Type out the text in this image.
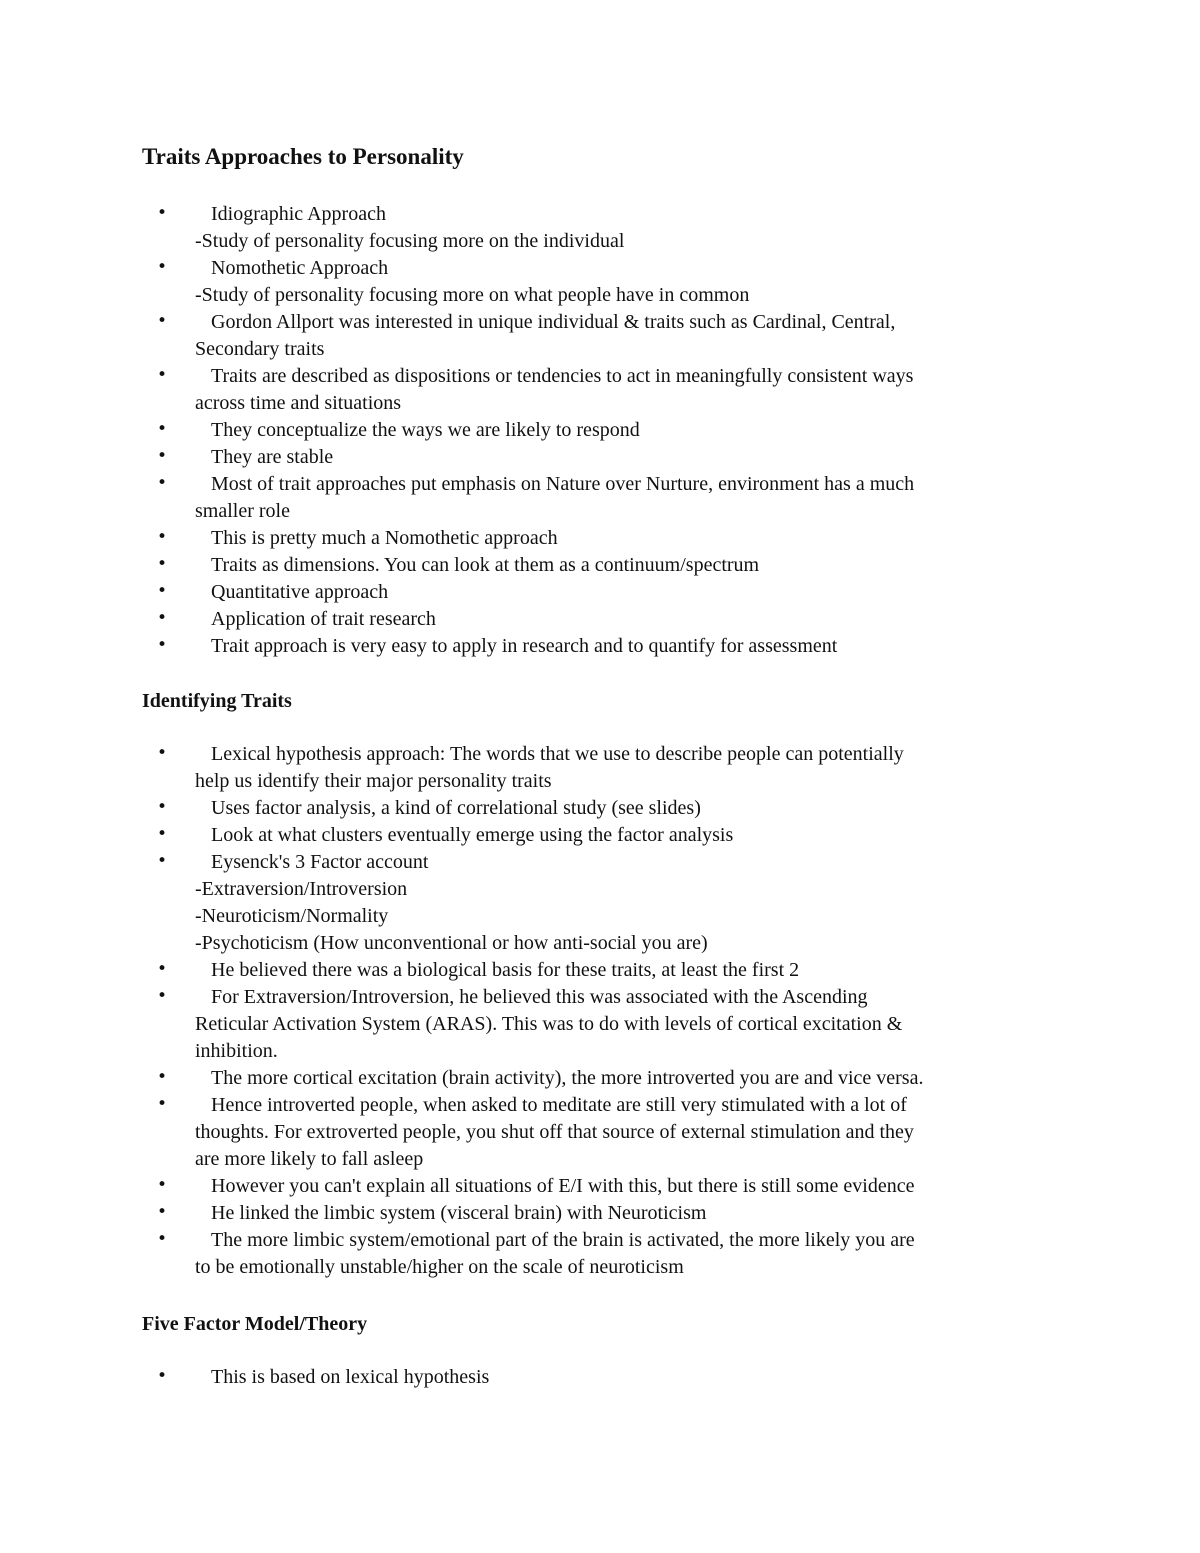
Traits Approaches to Personality
• Idiographic Approach
-Study of personality focusing more on the individual
• Nomothetic Approach
-Study of personality focusing more on what people have in common
• Gordon Allport was interested in unique individual & traits such as Cardinal, Central,
Secondary traits
• Traits are described as dispositions or tendencies to act in meaningfully consistent ways
across time and situations
• They conceptualize the ways we are likely to respond
• They are stable
• Most of trait approaches put emphasis on Nature over Nurture, environment has a much
smaller role
• This is pretty much a Nomothetic approach
• Traits as dimensions. You can look at them as a continuum/spectrum
• Quantitative approach
• Application of trait research
• Trait approach is very easy to apply in research and to quantify for assessment
Identifying Traits
• Lexical hypothesis approach: The words that we use to describe people can potentially
help us identify their major personality traits
• Uses factor analysis, a kind of correlational study (see slides)
• Look at what clusters eventually emerge using the factor analysis
• Eysenck's 3 Factor account
-Extraversion/Introversion
-Neuroticism/Normality
-Psychoticism (How unconventional or how anti-social you are)
• He believed there was a biological basis for these traits, at least the first 2
• For Extraversion/Introversion, he believed this was associated with the Ascending
Reticular Activation System (ARAS). This was to do with levels of cortical excitation &
inhibition.
• The more cortical excitation (brain activity), the more introverted you are and vice versa.
• Hence introverted people, when asked to meditate are still very stimulated with a lot of
thoughts. For extroverted people, you shut off that source of external stimulation and they
are more likely to fall asleep
• However you can't explain all situations of E/I with this, but there is still some evidence
• He linked the limbic system (visceral brain) with Neuroticism
• The more limbic system/emotional part of the brain is activated, the more likely you are
to be emotionally unstable/higher on the scale of neuroticism
Five Factor Model/Theory
• This is based on lexical hypothesis
